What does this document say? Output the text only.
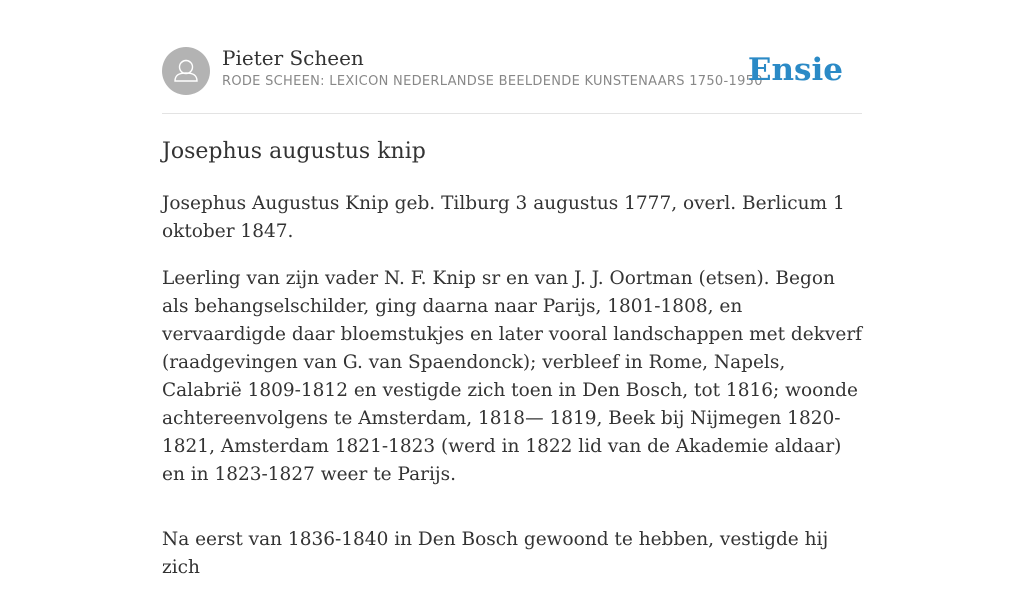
Pieter Scheen
RODE SCHEEN: LEXICON NEDERLANDSE BEELDENDE KUNSTENAARS 1750-1950
Ensie
Josephus augustus knip

Josephus Augustus Knip geb. Tilburg 3 augustus 1777, overl. Berlicum 1 oktober 1847.

Leerling van zijn vader N. F. Knip sr en van J. J. Oortman (etsen). Begon als behangselschilder, ging daarna naar Parijs, 1801-1808, en vervaardigde daar bloemstukjes en later vooral landschappen met dekverf (raadgevingen van G. van Spaendonck); verbleef in Rome, Napels, Calabrië 1809-1812 en vestigde zich toen in Den Bosch, tot 1816; woonde achtereenvolgens te Amsterdam, 1818— 1819, Beek bij Nijmegen 1820-1821, Amsterdam 1821-1823 (werd in 1822 lid van de Akademie aldaar) en in 1823-1827 weer te Parijs.

Na eerst van 1836-1840 in Den Bosch gewoond te hebben, vestigde hij zich
